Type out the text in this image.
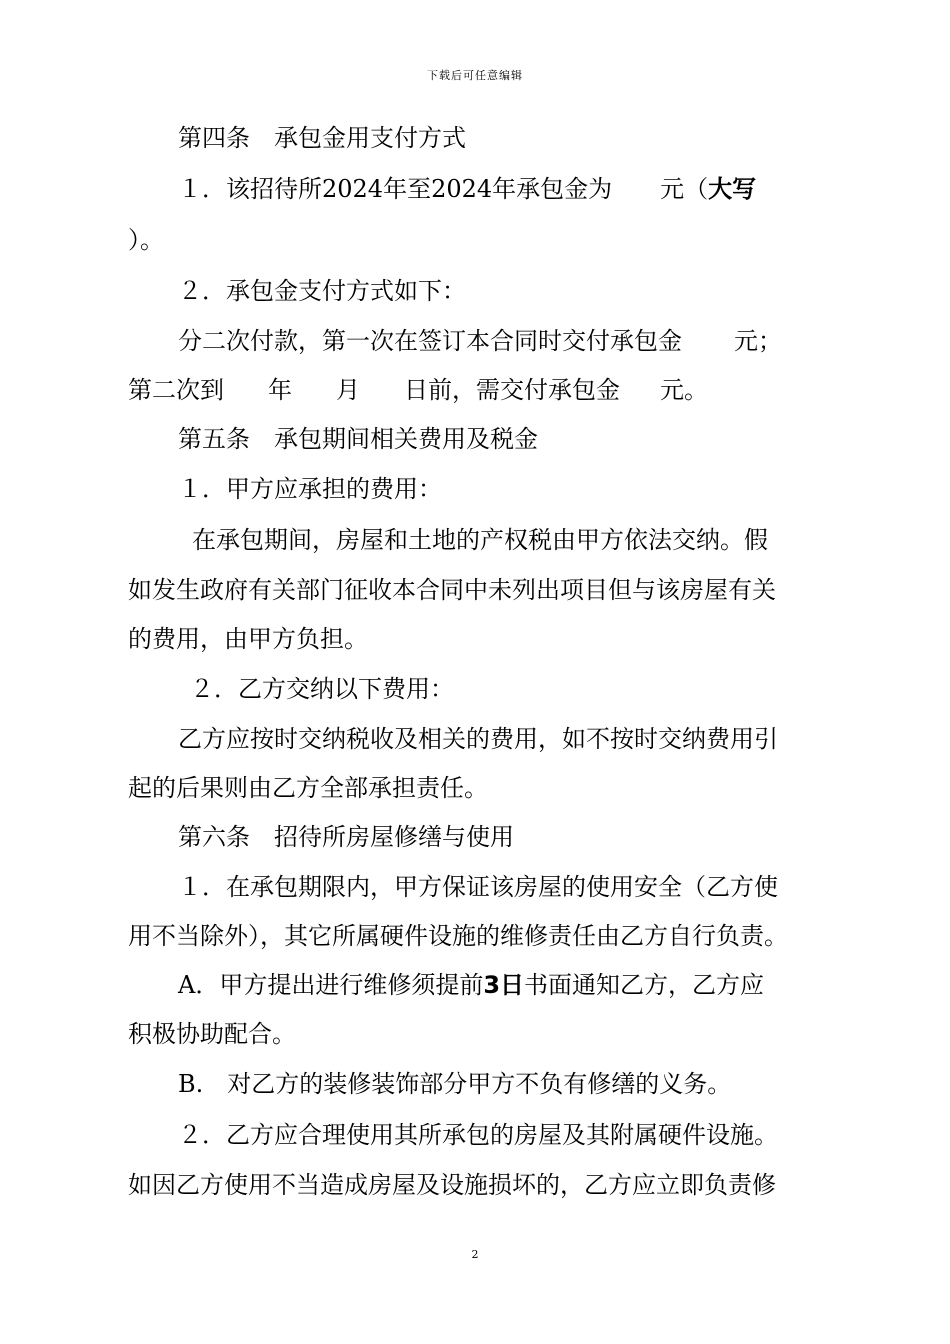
下载后可任意编辑
第四条　承包金用支付方式
１．该招待所2024年至2024年承包金为 元（大写
）。
２．承包金支付方式如下：
分二次付款，第一次在签订本合同时交付承包金 元；
第二次到 年 月 日前，需交付承包金 元。
第五条　承包期间相关费用及税金
１．甲方应承担的费用：
在承包期间，房屋和土地的产权税由甲方依法交纳。假
如发生政府有关部门征收本合同中未列出项目但与该房屋有关
的费用，由甲方负担。
２．乙方交纳以下费用：
乙方应按时交纳税收及相关的费用，如不按时交纳费用引
起的后果则由乙方全部承担责任。
第六条　招待所房屋修缮与使用
１．在承包期限内，甲方保证该房屋的使用安全（乙方使
用不当除外），其它所属硬件设施的维修责任由乙方自行负责。
A．甲方提出进行维修须提前3日书面通知乙方，乙方应
积极协助配合。
B.　对乙方的装修装饰部分甲方不负有修缮的义务。
２．乙方应合理使用其所承包的房屋及其附属硬件设施。
如因乙方使用不当造成房屋及设施损坏的，乙方应立即负责修
2
